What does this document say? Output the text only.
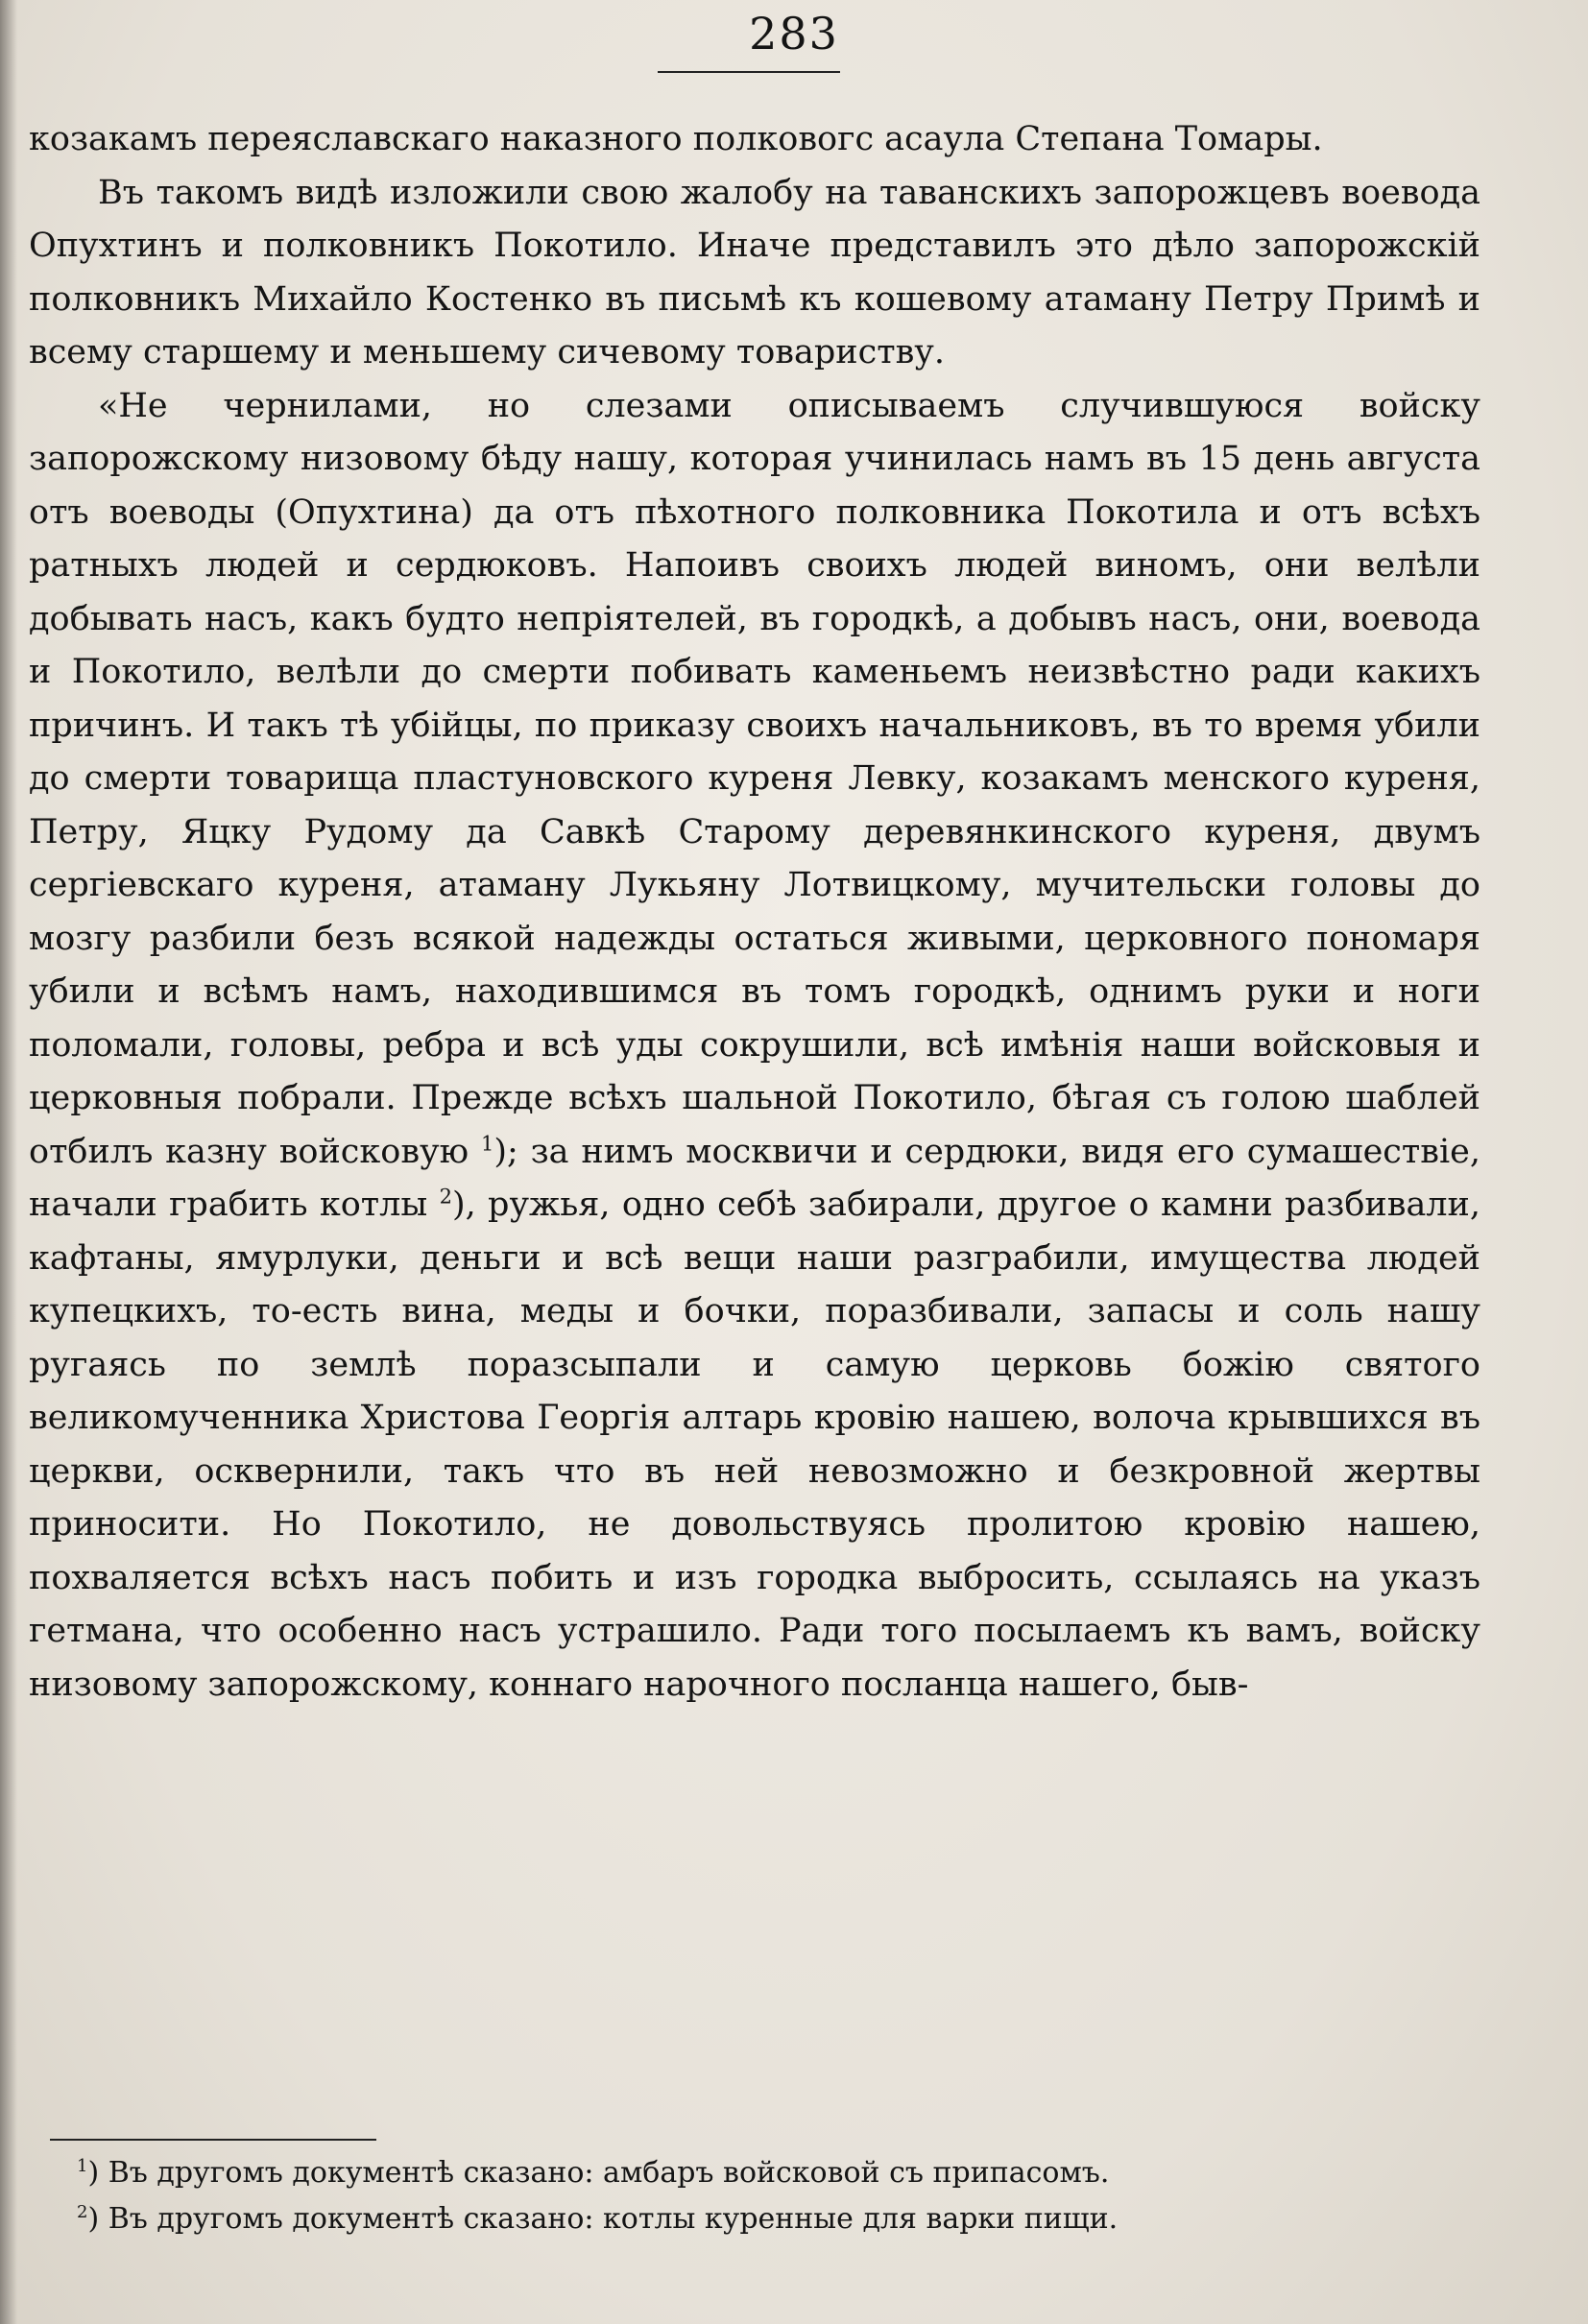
283

козакамъ переяславскаго наказного полковогс асаула Степана Томары.

Въ такомъ видѣ изложили свою жалобу на таванскихъ запорожцевъ воевода Опухтинъ и полковникъ Покотило. Иначе представилъ это дѣло запорожскій полковникъ Михайло Костенко въ письмѣ къ кошевому атаману Петру Примѣ и всему старшему и меньшему сичевому товариству.

«Не чернилами, но слезами описываемъ случившуюся войску запорожскому низовому бѣду нашу, которая учинилась намъ въ 15 день августа отъ воеводы (Опухтина) да отъ пѣхотного полковника Покотила и отъ всѣхъ ратныхъ людей и сердюковъ. Напоивъ своихъ людей виномъ, они велѣли добывать насъ, какъ будто непріятелей, въ городкѣ, а добывъ насъ, они, воевода и Покотило, велѣли до смерти побивать каменьемъ неизвѣстно ради какихъ причинъ. И такъ тѣ убійцы, по приказу своихъ начальниковъ, въ то время убили до смерти товарища пластуновского куреня Левку, козакамъ менского куреня, Петру, Яцку Рудому да Савкѣ Старому деревянкинского куреня, двумъ сергіевскаго куреня, атаману Лукьяну Лотвицкому, мучительски головы до мозгу разбили безъ всякой надежды остаться живыми, церковного пономаря убили и всѣмъ намъ, находившимся въ томъ городкѣ, однимъ руки и ноги поломали, головы, ребра и всѣ уды сокрушили, всѣ имѣнія наши войсковыя и церковныя побрали. Прежде всѣхъ шальной Покотило, бѣгая съ голою шаблей отбилъ казну войсковую $^1$); за нимъ москвичи и сердюки, видя его сумашествіе, начали грабить котлы $^2$), ружья, одно себѣ забирали, другое о камни разбивали, кафтаны, ямурлуки, деньги и всѣ вещи наши разграбили, имущества людей купецкихъ, то-есть вина, меды и бочки, поразбивали, запасы и соль нашу ругаясь по землѣ поразсыпали и самую церковь божію святого великомученника Христова Георгія алтарь кровію нашею, волоча крывшихся въ церкви, осквернили, такъ что въ ней невозможно и безкровной жертвы приносити. Но Покотило, не довольствуясь пролитою кровію нашею, похваляется всѣхъ насъ побить и изъ городка выбросить, ссылаясь на указъ гетмана, что особенно насъ устрашило. Ради того посылаемъ къ вамъ, войску низовому запорожскому, коннаго нарочного посланца нашего, быв-

$^1$) Въ другомъ документѣ сказано: амбаръ войсковой съ припасомъ.
$^2$) Въ другомъ документѣ сказано: котлы куренные для варки пищи.
